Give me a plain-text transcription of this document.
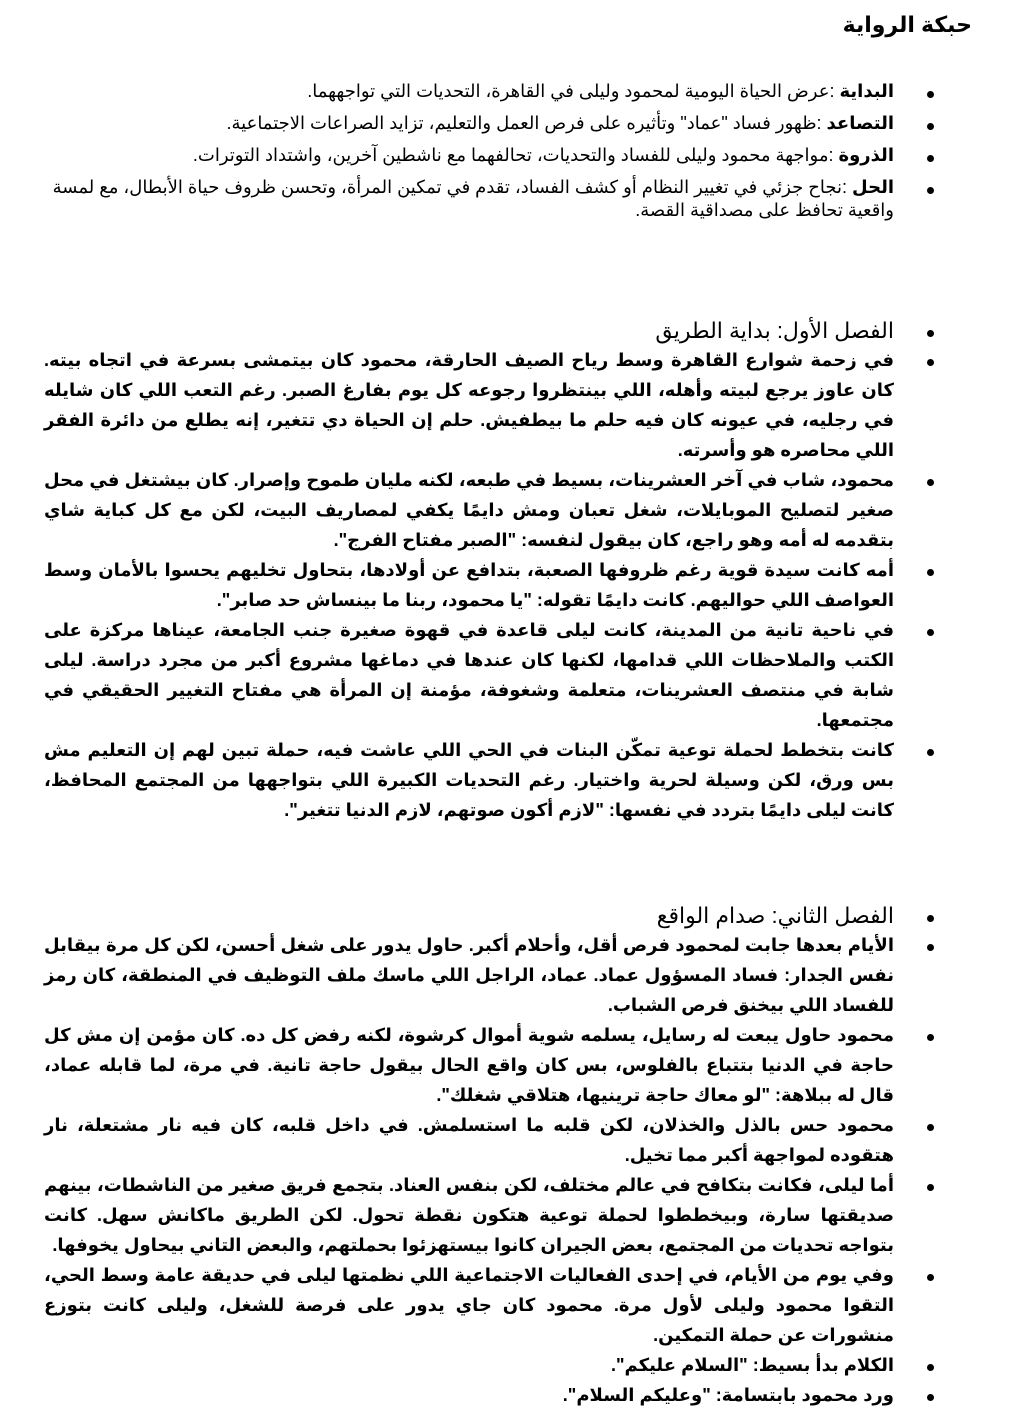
حبكة الرواية
البداية :عرض الحياة اليومية لمحمود وليلى في القاهرة، التحديات التي تواجههما.
التصاعد :ظهور فساد "عماد" وتأثيره على فرص العمل والتعليم، تزايد الصراعات الاجتماعية.
الذروة :مواجهة محمود وليلى للفساد والتحديات، تحالفهما مع ناشطين آخرين، واشتداد التوترات.
الحل :نجاح جزئي في تغيير النظام أو كشف الفساد، تقدم في تمكين المرأة، وتحسن ظروف حياة الأبطال، مع لمسة واقعية تحافظ على مصداقية القصة.
الفصل الأول: بداية الطريق
في زحمة شوارع القاهرة وسط رياح الصيف الحارقة، محمود كان بيتمشى بسرعة في اتجاه بيته. كان عاوز يرجع لبيته وأهله، اللي بينتظروا رجوعه كل يوم بفارغ الصبر. رغم التعب اللي كان شايله في رجليه، في عيونه كان فيه حلم ما بيطفيش. حلم إن الحياة دي تتغير، إنه يطلع من دائرة الفقر اللي محاصره هو وأسرته.
محمود، شاب في آخر العشرينات، بسيط في طبعه، لكنه مليان طموح وإصرار. كان بيشتغل في محل صغير لتصليح الموبايلات، شغل تعبان ومش دايمًا يكفي لمصاريف البيت، لكن مع كل كباية شاي بتقدمه له أمه وهو راجع، كان بيقول لنفسه: "الصبر مفتاح الفرج".
أمه كانت سيدة قوية رغم ظروفها الصعبة، بتدافع عن أولادها، بتحاول تخليهم يحسوا بالأمان وسط العواصف اللي حواليهم. كانت دايمًا تقوله: "يا محمود، ربنا ما بينساش حد صابر".
في ناحية تانية من المدينة، كانت ليلى قاعدة في قهوة صغيرة جنب الجامعة، عيناها مركزة على الكتب والملاحظات اللي قدامها، لكنها كان عندها في دماغها مشروع أكبر من مجرد دراسة. ليلى شابة في منتصف العشرينات، متعلمة وشغوفة، مؤمنة إن المرأة هي مفتاح التغيير الحقيقي في مجتمعها.
كانت بتخطط لحملة توعية تمكّن البنات في الحي اللي عاشت فيه، حملة تبين لهم إن التعليم مش بس ورق، لكن وسيلة لحرية واختيار. رغم التحديات الكبيرة اللي بتواجهها من المجتمع المحافظ، كانت ليلى دايمًا بتردد في نفسها: "لازم أكون صوتهم، لازم الدنيا تتغير".
الفصل الثاني: صدام الواقع
الأيام بعدها جابت لمحمود فرص أقل، وأحلام أكبر. حاول يدور على شغل أحسن، لكن كل مرة بيقابل نفس الجدار: فساد المسؤول عماد. عماد، الراجل اللي ماسك ملف التوظيف في المنطقة، كان رمز للفساد اللي بيخنق فرص الشباب.
محمود حاول يبعت له رسايل، يسلمه شوية أموال كرشوة، لكنه رفض كل ده. كان مؤمن إن مش كل حاجة في الدنيا بتتباع بالفلوس، بس كان واقع الحال بيقول حاجة تانية. في مرة، لما قابله عماد، قال له ببلاهة: "لو معاك حاجة ترينيها، هتلاقي شغلك".
محمود حس بالذل والخذلان، لكن قلبه ما استسلمش. في داخل قلبه، كان فيه نار مشتعلة، نار هتقوده لمواجهة أكبر مما تخيل.
أما ليلى، فكانت بتكافح في عالم مختلف، لكن بنفس العناد. بتجمع فريق صغير من الناشطات، بينهم صديقتها سارة، وبيخططوا لحملة توعية هتكون نقطة تحول. لكن الطريق ماكانش سهل. كانت بتواجه تحديات من المجتمع، بعض الجيران كانوا بيستهزئوا بحملتهم، والبعض التاني بيحاول يخوفها.
وفي يوم من الأيام، في إحدى الفعاليات الاجتماعية اللي نظمتها ليلى في حديقة عامة وسط الحي، التقوا محمود وليلى لأول مرة. محمود كان جاي يدور على فرصة للشغل، وليلى كانت بتوزع منشورات عن حملة التمكين.
الكلام بدأ بسيط: "السلام عليكم".
ورد محمود بابتسامة: "وعليكم السلام".
